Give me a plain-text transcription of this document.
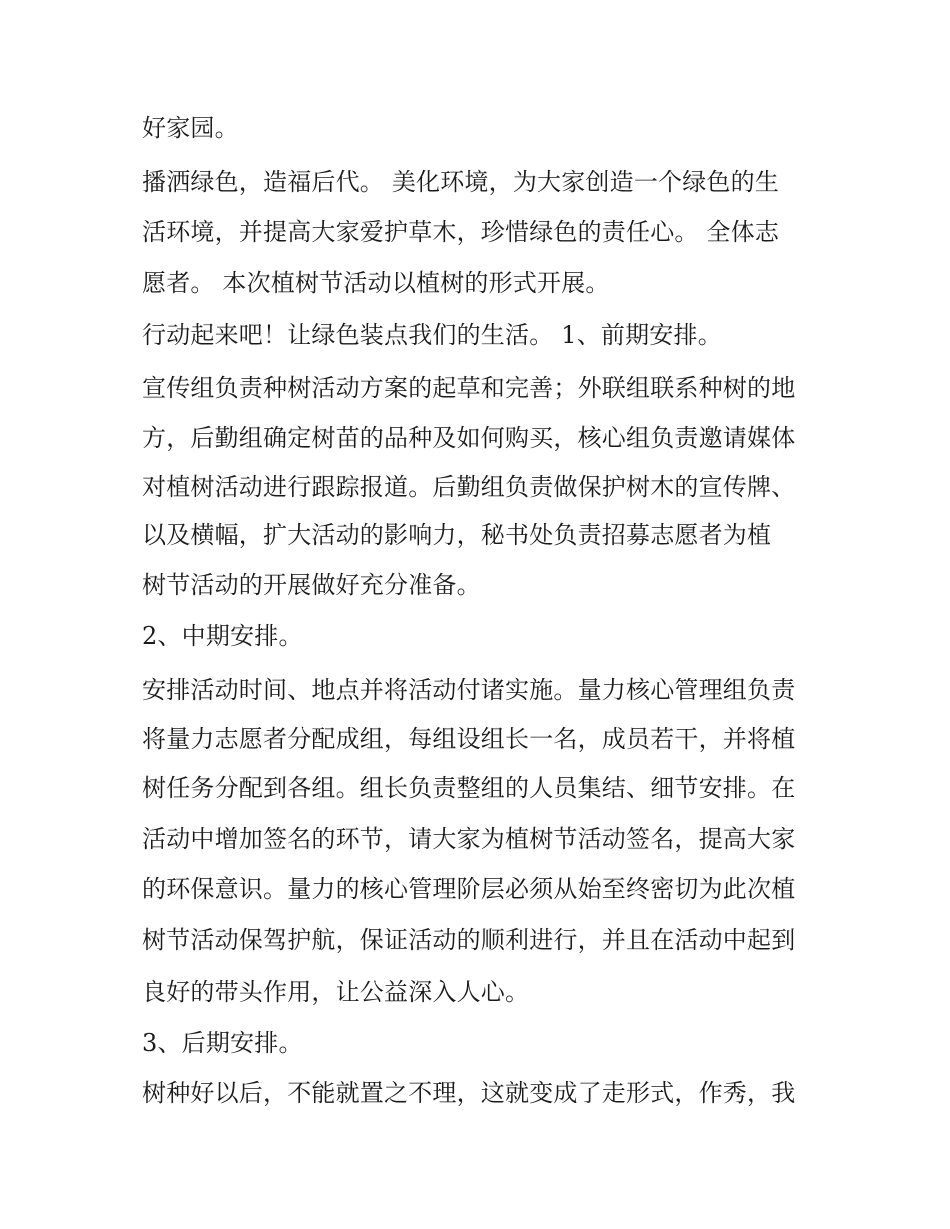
好家园。
播洒绿色，造福后代。 美化环境，为大家创造一个绿色的生
活环境，并提高大家爱护草木，珍惜绿色的责任心。 全体志
愿者。 本次植树节活动以植树的形式开展。
行动起来吧！让绿色装点我们的生活。 1、前期安排。
宣传组负责种树活动方案的起草和完善；外联组联系种树的地
方，后勤组确定树苗的品种及如何购买，核心组负责邀请媒体
对植树活动进行跟踪报道。后勤组负责做保护树木的宣传牌、
以及横幅，扩大活动的影响力，秘书处负责招募志愿者为植
树节活动的开展做好充分准备。
2、中期安排。
安排活动时间、地点并将活动付诸实施。量力核心管理组负责
将量力志愿者分配成组，每组设组长一名，成员若干，并将植
树任务分配到各组。组长负责整组的人员集结、细节安排。在
活动中增加签名的环节，请大家为植树节活动签名，提高大家
的环保意识。量力的核心管理阶层必须从始至终密切为此次植
树节活动保驾护航，保证活动的顺利进行，并且在活动中起到
良好的带头作用，让公益深入人心。
3、后期安排。
树种好以后，不能就置之不理，这就变成了走形式，作秀，我
